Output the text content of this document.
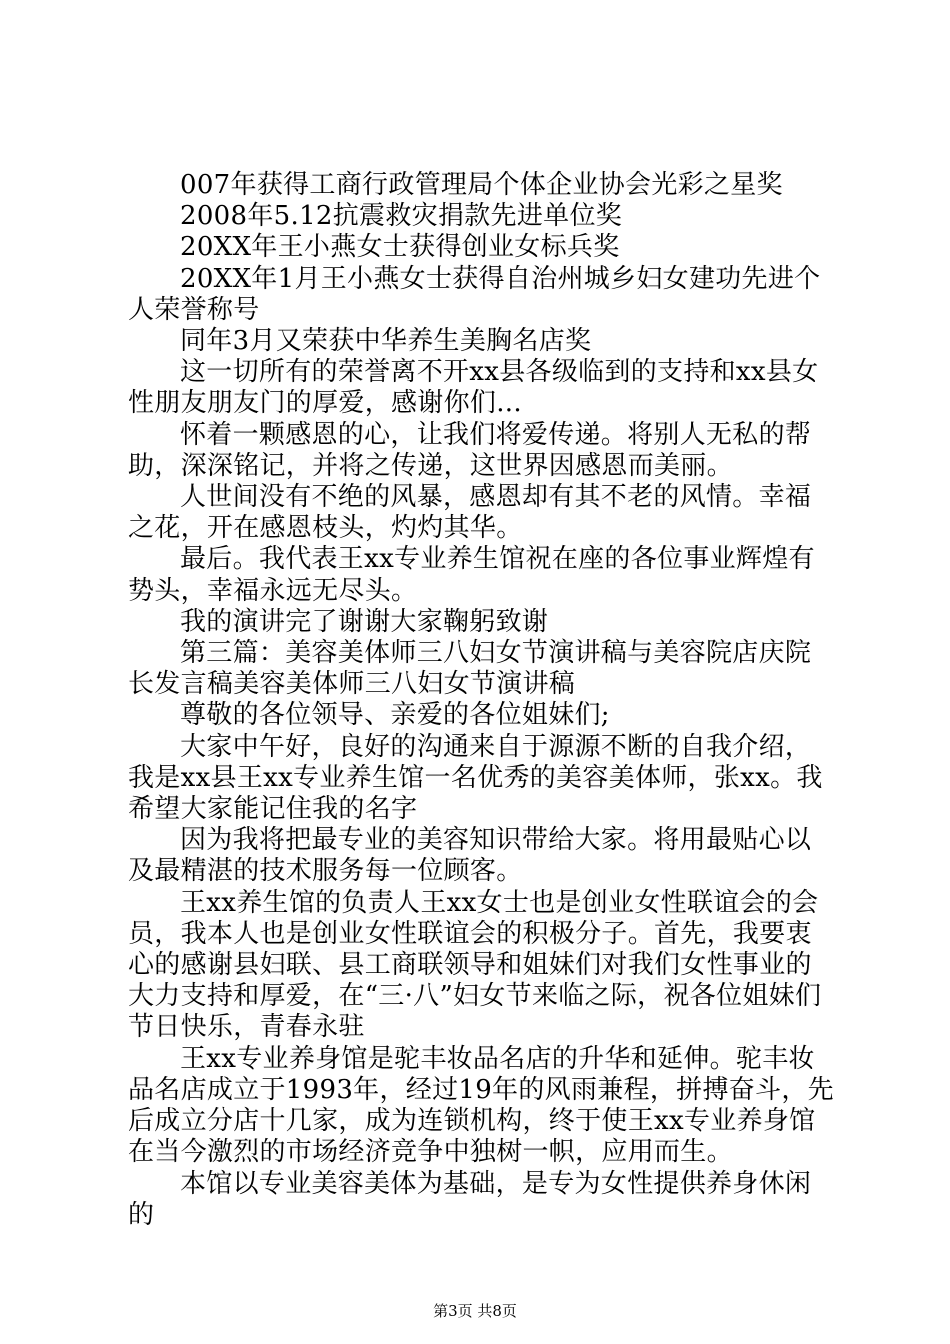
007年获得工商行政管理局个体企业协会光彩之星奖

2008年5.12抗震救灾捐款先进单位奖

20XX年王小燕女士获得创业女标兵奖

20XX年1月王小燕女士获得自治州城乡妇女建功先进个人荣誉称号

同年3月又荣获中华养生美胸名店奖

这一切所有的荣誉离不开xx县各级临到的支持和xx县女性朋友朋友门的厚爱，感谢你们...

怀着一颗感恩的心，让我们将爱传递。将别人无私的帮助，深深铭记，并将之传递，这世界因感恩而美丽。

人世间没有不绝的风暴，感恩却有其不老的风情。幸福之花，开在感恩枝头，灼灼其华。

最后。我代表王xx专业养生馆祝在座的各位事业辉煌有势头，幸福永远无尽头。

我的演讲完了谢谢大家鞠躬致谢

第三篇：美容美体师三八妇女节演讲稿与美容院店庆院长发言稿美容美体师三八妇女节演讲稿

尊敬的各位领导、亲爱的各位姐妹们;

大家中午好，良好的沟通来自于源源不断的自我介绍，我是xx县王xx专业养生馆一名优秀的美容美体师，张xx。我希望大家能记住我的名字

因为我将把最专业的美容知识带给大家。将用最贴心以及最精湛的技术服务每一位顾客。

王xx养生馆的负责人王xx女士也是创业女性联谊会的会员，我本人也是创业女性联谊会的积极分子。首先，我要衷心的感谢县妇联、县工商联领导和姐妹们对我们女性事业的大力支持和厚爱，在“三·八”妇女节来临之际，祝各位姐妹们节日快乐，青春永驻

王xx专业养身馆是驼丰妆品名店的升华和延伸。驼丰妆品名店成立于1993年，经过19年的风雨兼程，拼搏奋斗，先后成立分店十几家，成为连锁机构，终于使王xx专业养身馆在当今激烈的市场经济竞争中独树一帜，应用而生。

本馆以专业美容美体为基础，是专为女性提供养身休闲的

第3页 共8页
